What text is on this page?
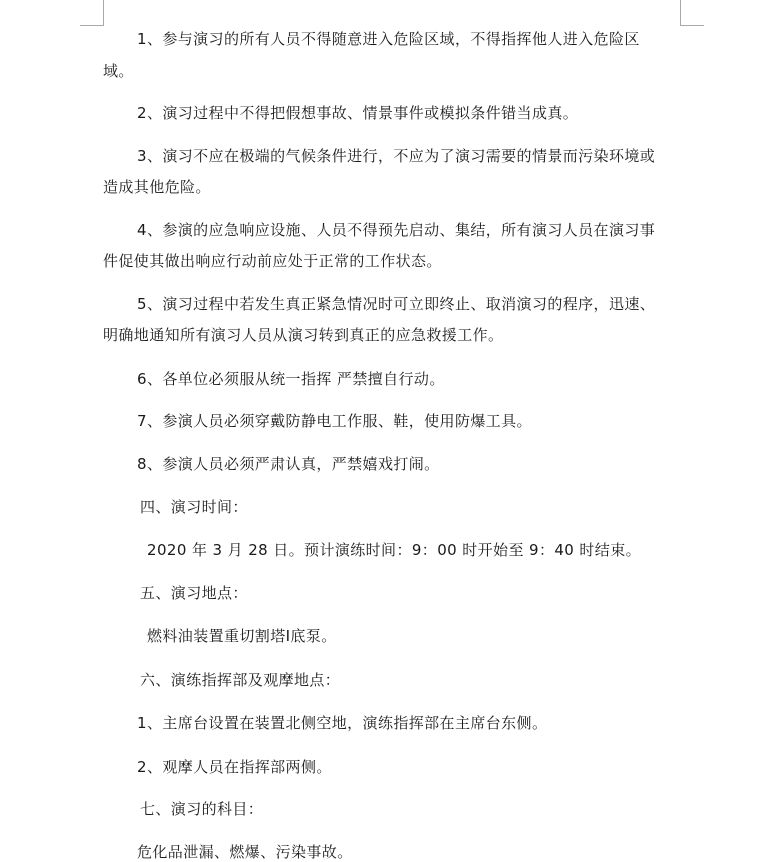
1、参与演习的所有人员不得随意进入危险区域，不得指挥他人进入危险区
域。
2、演习过程中不得把假想事故、情景事件或模拟条件错当成真。
3、演习不应在极端的气候条件进行，不应为了演习需要的情景而污染环境或
造成其他危险。
4、参演的应急响应设施、人员不得预先启动、集结，所有演习人员在演习事
件促使其做出响应行动前应处于正常的工作状态。
5、演习过程中若发生真正紧急情况时可立即终止、取消演习的程序，迅速、
明确地通知所有演习人员从演习转到真正的应急救援工作。
6、各单位必须服从统一指挥 严禁擅自行动。
7、参演人员必须穿戴防静电工作服、鞋，使用防爆工具。
8、参演人员必须严肃认真，严禁嬉戏打闹。
四、演习时间：
2020 年 3 月 28 日。预计演练时间：9：00 时开始至 9：40 时结束。
五、演习地点：
燃料油装置重切割塔Ⅰ底泵。
六、演练指挥部及观摩地点：
1、主席台设置在装置北侧空地，演练指挥部在主席台东侧。
2、观摩人员在指挥部两侧。
七、演习的科目：
危化品泄漏、燃爆、污染事故。
